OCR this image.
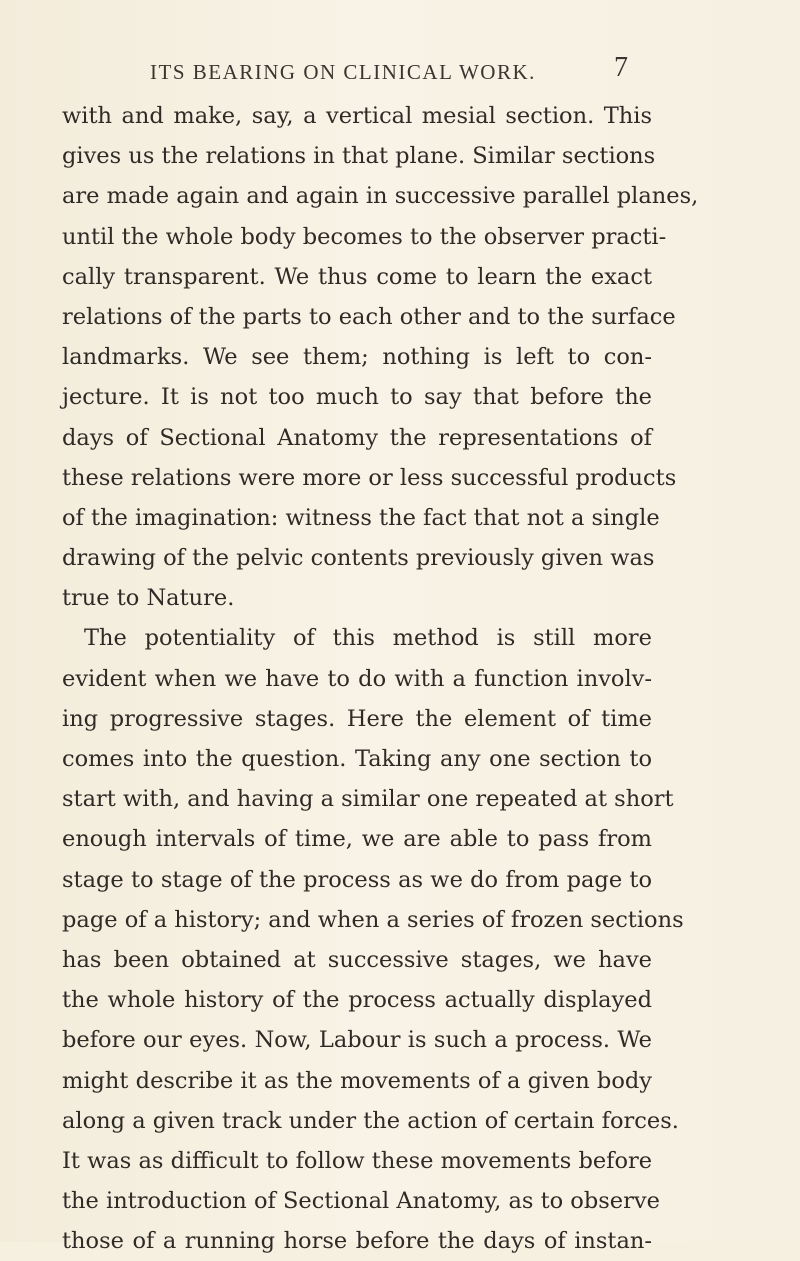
ITS BEARING ON CLINICAL WORK.	7
with and make, say, a vertical mesial section. This
gives us the relations in that plane. Similar sections
are made again and again in successive parallel planes,
until the whole body becomes to the observer practi-
cally transparent. We thus come to learn the exact
relations of the parts to each other and to the surface
landmarks. We see them; nothing is left to con-
jecture. It is not too much to say that before the
days of Sectional Anatomy the representations of
these relations were more or less successful products
of the imagination: witness the fact that not a single
drawing of the pelvic contents previously given was
true to Nature.
The potentiality of this method is still more
evident when we have to do with a function involv-
ing progressive stages. Here the element of time
comes into the question. Taking any one section to
start with, and having a similar one repeated at short
enough intervals of time, we are able to pass from
stage to stage of the process as we do from page to
page of a history; and when a series of frozen sections
has been obtained at successive stages, we have
the whole history of the process actually displayed
before our eyes. Now, Labour is such a process. We
might describe it as the movements of a given body
along a given track under the action of certain forces.
It was as difficult to follow these movements before
the introduction of Sectional Anatomy, as to observe
those of a running horse before the days of instan-
